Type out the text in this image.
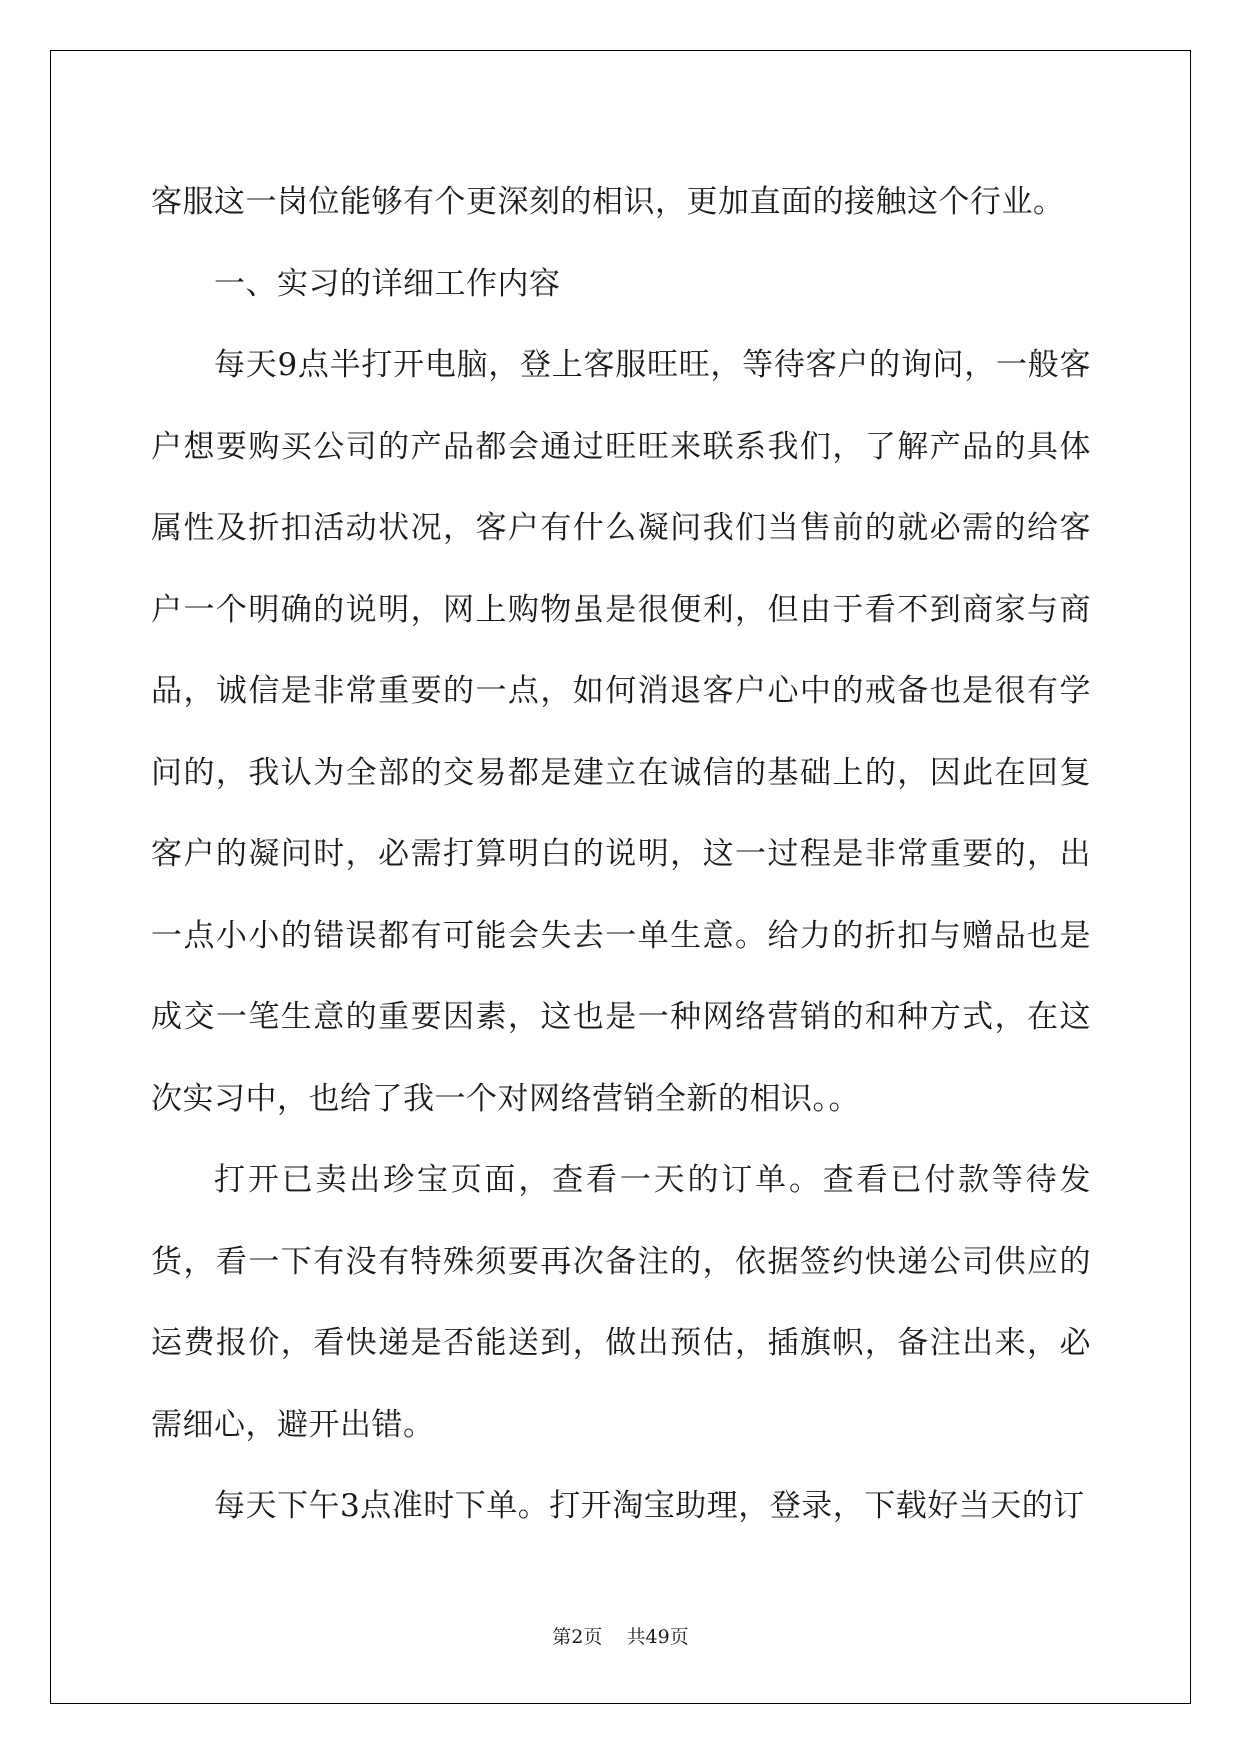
客服这一岗位能够有个更深刻的相识，更加直面的接触这个行业。

一、实习的详细工作内容

每天9点半打开电脑，登上客服旺旺，等待客户的询问，一般客户想要购买公司的产品都会通过旺旺来联系我们，了解产品的具体属性及折扣活动状况，客户有什么凝问我们当售前的就必需的给客户一个明确的说明，网上购物虽是很便利，但由于看不到商家与商品，诚信是非常重要的一点，如何消退客户心中的戒备也是很有学问的，我认为全部的交易都是建立在诚信的基础上的，因此在回复客户的凝问时，必需打算明白的说明，这一过程是非常重要的，出一点小小的错误都有可能会失去一单生意。给力的折扣与赠品也是成交一笔生意的重要因素，这也是一种网络营销的和种方式，在这次实习中，也给了我一个对网络营销全新的相识。。

打开已卖出珍宝页面，查看一天的订单。查看已付款等待发货，看一下有没有特殊须要再次备注的，依据签约快递公司供应的运费报价，看快递是否能送到，做出预估，插旗帜，备注出来，必需细心，避开出错。

每天下午3点准时下单。打开淘宝助理，登录，下载好当天的订

第2页 共49页
